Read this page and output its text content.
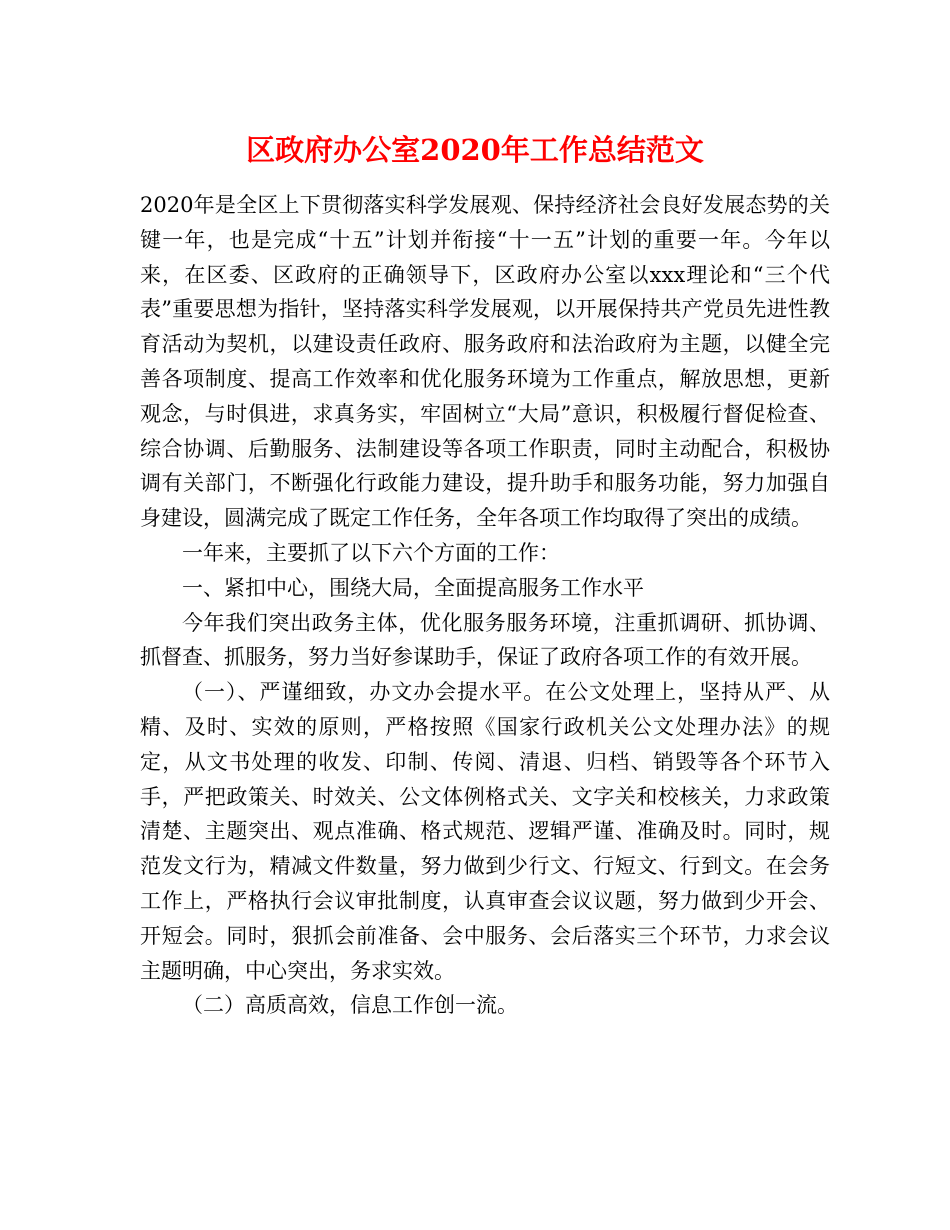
区政府办公室2020年工作总结范文

2020年是全区上下贯彻落实科学发展观、保持经济社会良好发展态势的关键一年，也是完成“十五”计划并衔接“十一五”计划的重要一年。今年以来，在区委、区政府的正确领导下，区政府办公室以xxx理论和“三个代表”重要思想为指针，坚持落实科学发展观，以开展保持共产党员先进性教育活动为契机，以建设责任政府、服务政府和法治政府为主题，以健全完善各项制度、提高工作效率和优化服务环境为工作重点，解放思想，更新观念，与时俱进，求真务实，牢固树立“大局”意识，积极履行督促检查、综合协调、后勤服务、法制建设等各项工作职责，同时主动配合，积极协调有关部门，不断强化行政能力建设，提升助手和服务功能，努力加强自身建设，圆满完成了既定工作任务，全年各项工作均取得了突出的成绩。

一年来，主要抓了以下六个方面的工作：

一、紧扣中心，围绕大局，全面提高服务工作水平

今年我们突出政务主体，优化服务服务环境，注重抓调研、抓协调、抓督查、抓服务，努力当好参谋助手，保证了政府各项工作的有效开展。

（一）、严谨细致，办文办会提水平。在公文处理上，坚持从严、从精、及时、实效的原则，严格按照《国家行政机关公文处理办法》的规定，从文书处理的收发、印制、传阅、清退、归档、销毁等各个环节入手，严把政策关、时效关、公文体例格式关、文字关和校核关，力求政策清楚、主题突出、观点准确、格式规范、逻辑严谨、准确及时。同时，规范发文行为，精减文件数量，努力做到少行文、行短文、行到文。在会务工作上，严格执行会议审批制度，认真审查会议议题，努力做到少开会、开短会。同时，狠抓会前准备、会中服务、会后落实三个环节，力求会议主题明确，中心突出，务求实效。

（二）高质高效，信息工作创一流。
